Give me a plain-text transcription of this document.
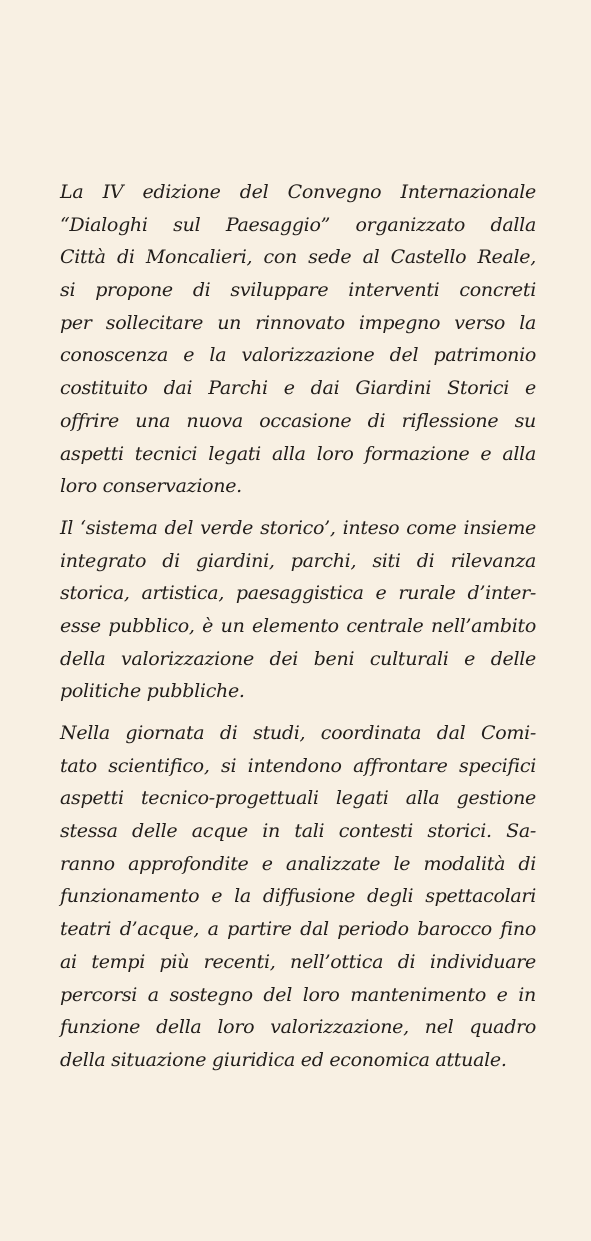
La IV edizione del Convegno Internazionale
“Dialoghi sul Paesaggio” organizzato dalla
Città di Moncalieri, con sede al Castello Reale,
si propone di sviluppare interventi concreti
per sollecitare un rinnovato impegno verso la
conoscenza e la valorizzazione del patrimonio
costituito dai Parchi e dai Giardini Storici e
offrire una nuova occasione di riflessione su
aspetti tecnici legati alla loro formazione e alla
loro conservazione.

Il ‘sistema del verde storico’, inteso come insieme
integrato di giardini, parchi, siti di rilevanza
storica, artistica, paesaggistica e rurale d’inter-
esse pubblico, è un elemento centrale nell’ambito
della valorizzazione dei beni culturali e delle
politiche pubbliche.

Nella giornata di studi, coordinata dal Comi-
tato scientifico, si intendono affrontare specifici
aspetti tecnico-progettuali legati alla gestione
stessa delle acque in tali contesti storici. Sa-
ranno approfondite e analizzate le modalità di
funzionamento e la diffusione degli spettacolari
teatri d’acque, a partire dal periodo barocco fino
ai tempi più recenti, nell’ottica di individuare
percorsi a sostegno del loro mantenimento e in
funzione della loro valorizzazione, nel quadro
della situazione giuridica ed economica attuale.
